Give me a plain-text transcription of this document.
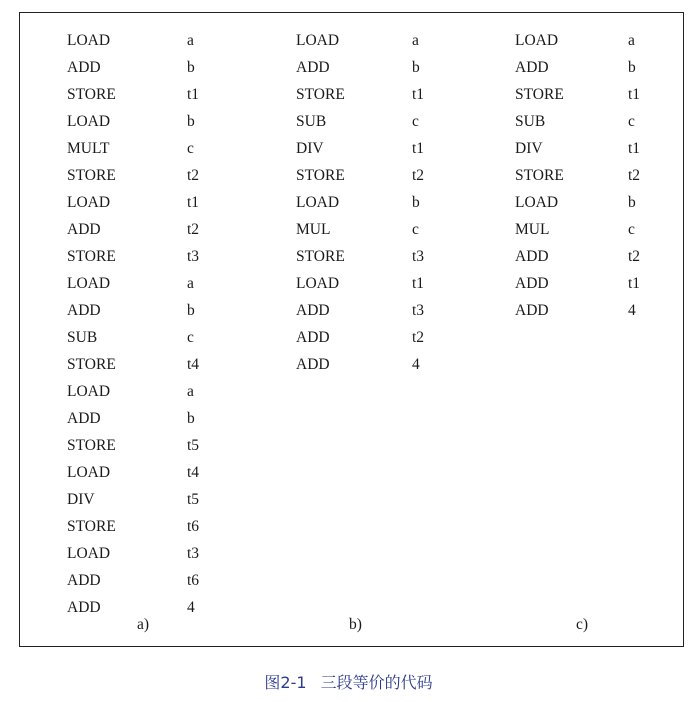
LOAD	a
ADD	b
STORE	t1
LOAD	b
MULT	c
STORE	t2
LOAD	t1
ADD	t2
STORE	t3
LOAD	a
ADD	b
SUB	c
STORE	t4
LOAD	a
ADD	b
STORE	t5
LOAD	t4
DIV	t5
STORE	t6
LOAD	t3
ADD	t6
ADD	4
LOAD	a
ADD	b
STORE	t1
SUB	c
DIV	t1
STORE	t2
LOAD	b
MUL	c
STORE	t3
LOAD	t1
ADD	t3
ADD	t2
ADD	4
LOAD	a
ADD	b
STORE	t1
SUB	c
DIV	t1
STORE	t2
LOAD	b
MUL	c
ADD	t2
ADD	t1
ADD	4
a)	b)	c)
图2-1 三段等价的代码
